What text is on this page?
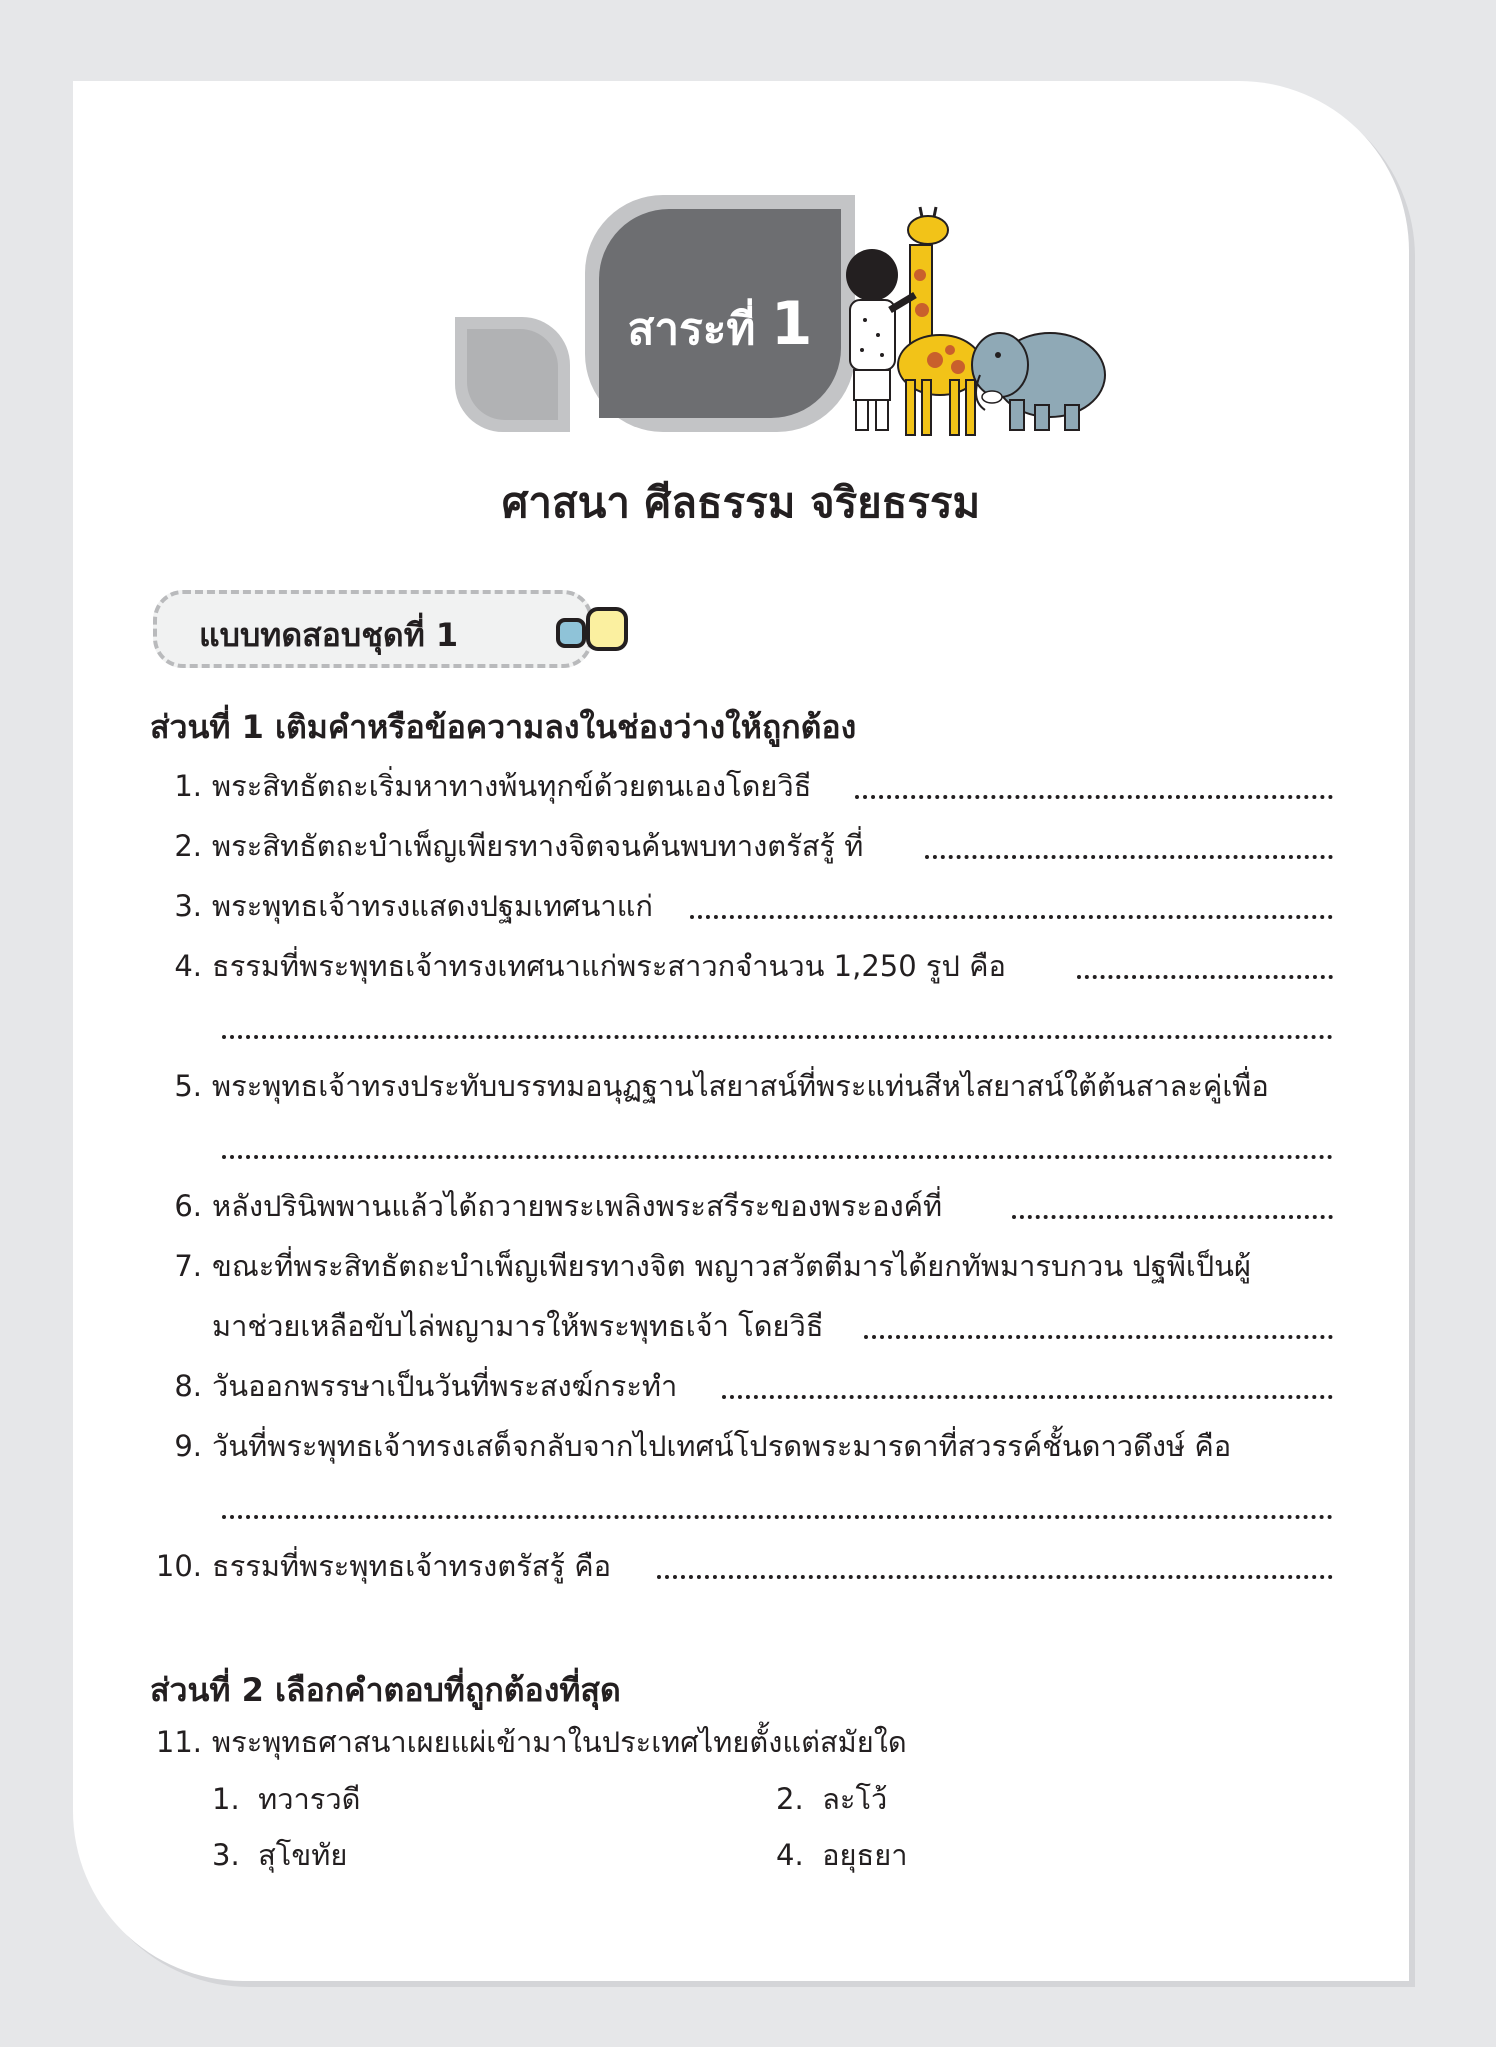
สาระที่ 1
ศาสนา ศีลธรรม จริยธรรม
แบบทดสอบชุดที่ 1
ส่วนที่ 1 เติมคำหรือข้อความลงในช่องว่างให้ถูกต้อง
1. พระสิทธัตถะเริ่มหาทางพ้นทุกข์ด้วยตนเองโดยวิธี
2. พระสิทธัตถะบำเพ็ญเพียรทางจิตจนค้นพบทางตรัสรู้ ที่
3. พระพุทธเจ้าทรงแสดงปฐมเทศนาแก่
4. ธรรมที่พระพุทธเจ้าทรงเทศนาแก่พระสาวกจำนวน 1,250 รูป คือ
5. พระพุทธเจ้าทรงประทับบรรทมอนุฏฐานไสยาสน์ที่พระแท่นสีหไสยาสน์ใต้ต้นสาละคู่เพื่อ
6. หลังปรินิพพานแล้วได้ถวายพระเพลิงพระสรีระของพระองค์ที่
7. ขณะที่พระสิทธัตถะบำเพ็ญเพียรทางจิต พญาวสวัตตีมารได้ยกทัพมารบกวน ปฐพีเป็นผู้
มาช่วยเหลือขับไล่พญามารให้พระพุทธเจ้า โดยวิธี
8. วันออกพรรษาเป็นวันที่พระสงฆ์กระทำ
9. วันที่พระพุทธเจ้าทรงเสด็จกลับจากไปเทศน์โปรดพระมารดาที่สวรรค์ชั้นดาวดึงษ์ คือ
10. ธรรมที่พระพุทธเจ้าทรงตรัสรู้ คือ
ส่วนที่ 2 เลือกคำตอบที่ถูกต้องที่สุด
11. พระพุทธศาสนาเผยแผ่เข้ามาในประเทศไทยตั้งแต่สมัยใด
1. ทวารวดี	2. ละโว้
3. สุโขทัย	4. อยุธยา
